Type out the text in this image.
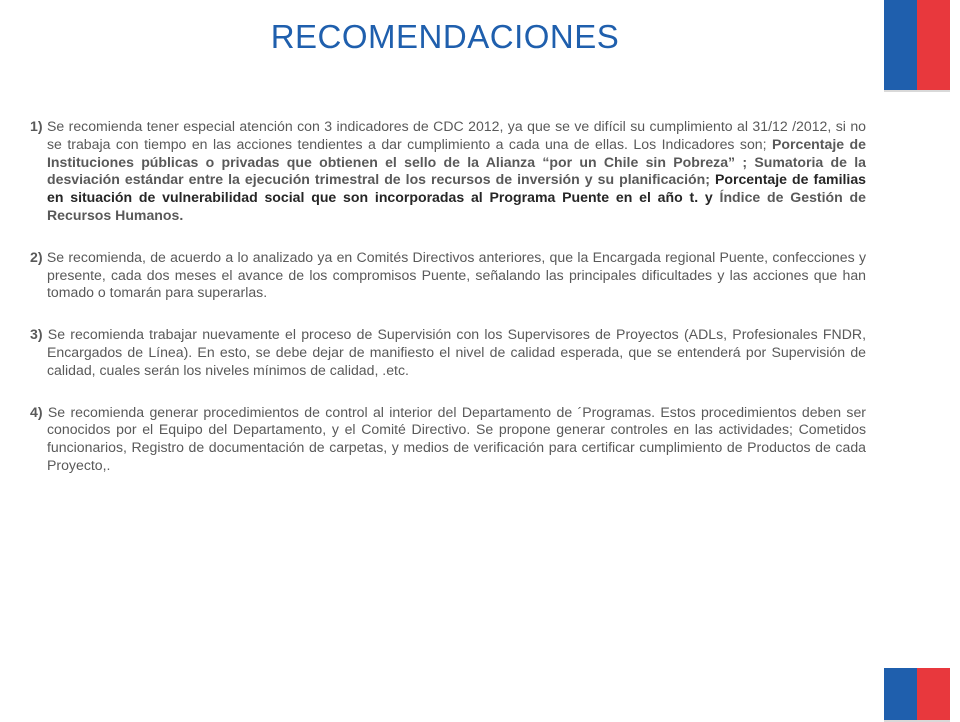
RECOMENDACIONES

1) Se recomienda tener especial atención con 3 indicadores de CDC 2012, ya que se ve difícil su cumplimiento al 31/12 /2012, si no se trabaja con tiempo en las acciones tendientes a dar cumplimiento a cada una de ellas. Los Indicadores son; Porcentaje de Instituciones públicas o privadas que obtienen el sello de la Alianza “por un Chile sin Pobreza” ; Sumatoria de la desviación estándar entre la ejecución trimestral de los recursos de inversión y su planificación; Porcentaje de familias en situación de vulnerabilidad social que son incorporadas al Programa Puente en el año t. y Índice de Gestión de Recursos Humanos.

2) Se recomienda, de acuerdo a lo analizado ya en Comités Directivos anteriores, que la Encargada regional Puente, confecciones y presente, cada dos meses el avance de los compromisos Puente, señalando las principales dificultades y las acciones que han tomado o tomarán para superarlas.

3) Se recomienda trabajar nuevamente el proceso de Supervisión con los Supervisores de Proyectos (ADLs, Profesionales FNDR, Encargados de Línea). En esto, se debe dejar de manifiesto el nivel de calidad esperada, que se entenderá por Supervisión de calidad, cuales serán los niveles mínimos de calidad, .etc.

4) Se recomienda generar procedimientos de control al interior del Departamento de ´Programas. Estos procedimientos deben ser conocidos por el Equipo del Departamento, y el Comité Directivo. Se propone generar controles en las actividades; Cometidos funcionarios, Registro de documentación de carpetas, y medios de verificación para certificar cumplimiento de Productos de cada Proyecto,.
